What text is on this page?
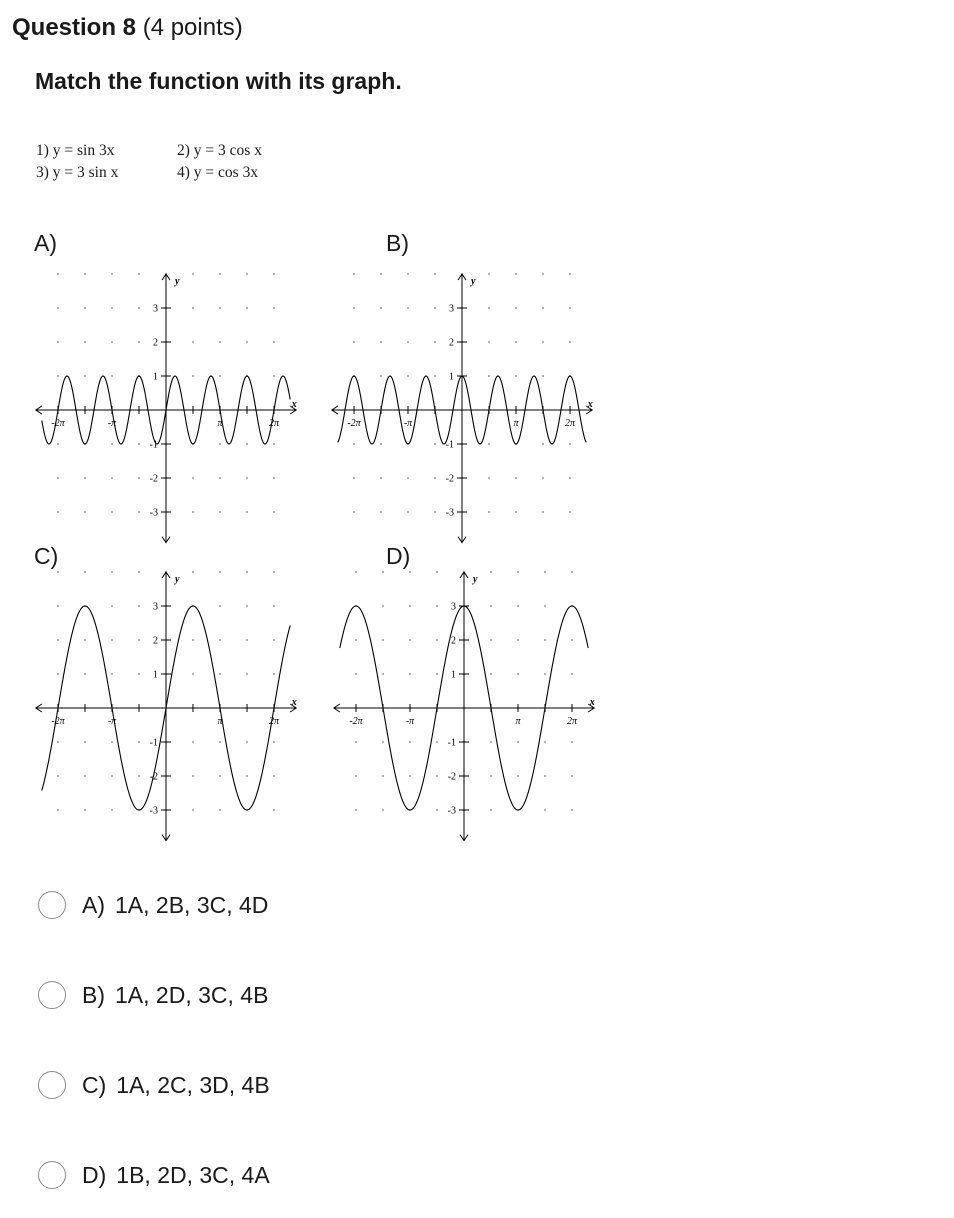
Question 8 (4 points)
Match the function with its graph.
1) y = sin 3x	2) y = 3 cos x
3) y = 3 sin x	4) y = cos 3x
A)	B)
C)	D)
-2π	-π	π	2π
1
2
3
-1
-2
-3
x
y
-2π	-π	π	2π
1
2
3
-1
-2
-3
x
y
-2π	-π	π	2π
1
2
3
-1
-2
-3
x
y
-2π	-π	π	2π
1
2
3
-1
-2
-3
x
y
A) 1A, 2B, 3C, 4D
B) 1A, 2D, 3C, 4B
C) 1A, 2C, 3D, 4B
D) 1B, 2D, 3C, 4A
